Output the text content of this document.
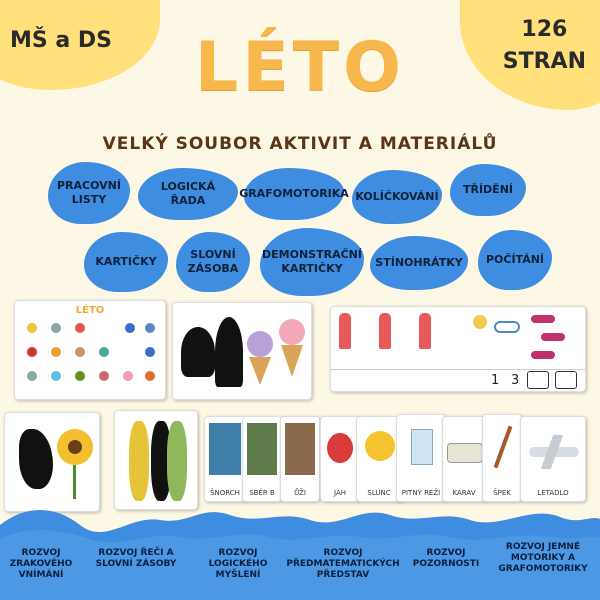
MŠ a DS	126
STRAN
LÉTO
VELKÝ SOUBOR AKTIVIT A MATERIÁLŮ
PRACOVNÍ LISTY
LOGICKÁ ŘADA
GRAFOMOTORIKA KOLÍČKOVÁNÍ
TŘÍDĚNÍ
KARTIČKY
SLOVNÍ ZÁSOBA
DEMONSTRAČNÍ KARTIČKY	STÍNOHRÁTKY	POČÍTÁNÍ
LÉTO
1 3
ŠNORCH	SBĚR B	ŮŽI	JAH	SLUNC	PITNÝ REŽI	KARAV	ŠPEK	LETADLO
ROZVOJ ZRAKOVÉHO VNÍMÁNÍ
ROZVOJ ŘEČI A SLOVNÍ ZÁSOBY
ROZVOJ LOGICKÉHO MYŠLENÍ
ROZVOJ PŘEDMATEMATICKÝCH PŘEDSTAV
ROZVOJ POZORNOSTI
ROZVOJ JEMNÉ MOTORIKY A GRAFOMOTORIKY
